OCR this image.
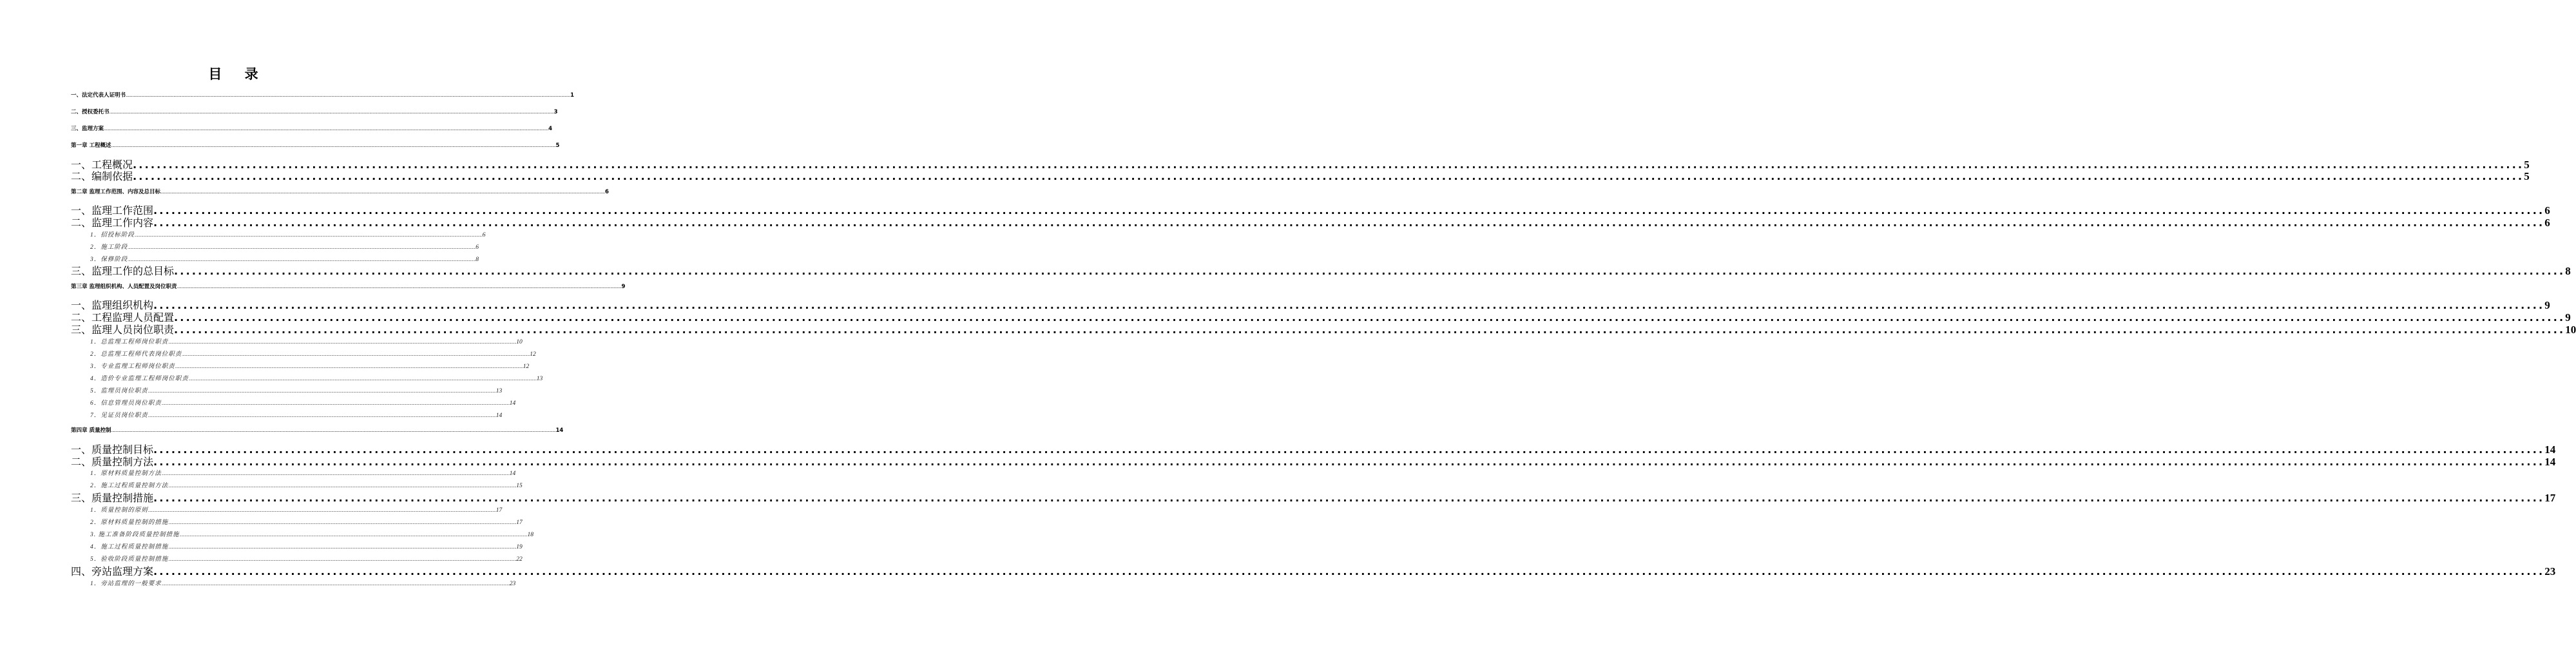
目 录
一、法定代表人证明书 ................................................................................................................................................................................................................................................................................................................................................................................................................ 1
二、授权委托书 ................................................................................................................................................................................................................................................................................................................................................................................................................ 3
三、监理方案 ................................................................................................................................................................................................................................................................................................................................................................................................................ 4
第一章 工程概述 ................................................................................................................................................................................................................................................................................................................................................................................................................ 5
一、工程概况 ................................................................................................................................................................................................................................................................................................................................................................................................................ 5
二、编制依据 ................................................................................................................................................................................................................................................................................................................................................................................................................ 5
第二章 监理工作范围、内容及总目标 ................................................................................................................................................................................................................................................................................................................................................................................................................ 6
一、监理工作范围 ................................................................................................................................................................................................................................................................................................................................................................................................................ 6
二、监理工作内容 ................................................................................................................................................................................................................................................................................................................................................................................................................ 6
1．招投标阶段 ................................................................................................................................................................................................................................................................................................................................................................................................................ 6
2．施工阶段 ................................................................................................................................................................................................................................................................................................................................................................................................................ 6
3．保修阶段 ................................................................................................................................................................................................................................................................................................................................................................................................................ 8
三、监理工作的总目标 ................................................................................................................................................................................................................................................................................................................................................................................................................ 8
第三章 监理组织机构、人员配置及岗位职责 ................................................................................................................................................................................................................................................................................................................................................................................................................ 9
一、监理组织机构 ................................................................................................................................................................................................................................................................................................................................................................................................................ 9
二、工程监理人员配置 ................................................................................................................................................................................................................................................................................................................................................................................................................ 9
三、监理人员岗位职责 ................................................................................................................................................................................................................................................................................................................................................................................................................ 10
1．总监理工程师岗位职责 ................................................................................................................................................................................................................................................................................................................................................................................................................ 10
2．总监理工程师代表岗位职责 ................................................................................................................................................................................................................................................................................................................................................................................................................ 12
3．专业监理工程师岗位职责 ................................................................................................................................................................................................................................................................................................................................................................................................................ 12
4．造价专业监理工程师岗位职责 ................................................................................................................................................................................................................................................................................................................................................................................................................ 13
5．监理员岗位职责 ................................................................................................................................................................................................................................................................................................................................................................................................................ 13
6．信息管理员岗位职责 ................................................................................................................................................................................................................................................................................................................................................................................................................ 14
7．见证员岗位职责 ................................................................................................................................................................................................................................................................................................................................................................................................................ 14
第四章 质量控制 ................................................................................................................................................................................................................................................................................................................................................................................................................ 14
一、质量控制目标 ................................................................................................................................................................................................................................................................................................................................................................................................................ 14
二、质量控制方法 ................................................................................................................................................................................................................................................................................................................................................................................................................ 14
1．原材料质量控制方法 ................................................................................................................................................................................................................................................................................................................................................................................................................ 14
2．施工过程质量控制方法 ................................................................................................................................................................................................................................................................................................................................................................................................................ 15
三、质量控制措施 ................................................................................................................................................................................................................................................................................................................................................................................................................ 17
1．质量控制的原则 ................................................................................................................................................................................................................................................................................................................................................................................................................ 17
2．原材料质量控制的措施 ................................................................................................................................................................................................................................................................................................................................................................................................................ 17
3. 施工准备阶段质量控制措施 ................................................................................................................................................................................................................................................................................................................................................................................................................ 18
4．施工过程质量控制措施 ................................................................................................................................................................................................................................................................................................................................................................................................................ 19
5．验收阶段质量控制措施 ................................................................................................................................................................................................................................................................................................................................................................................................................ 22
四、旁站监理方案 ................................................................................................................................................................................................................................................................................................................................................................................................................ 23
1．旁站监理的一般要求 ................................................................................................................................................................................................................................................................................................................................................................................................................ 23
